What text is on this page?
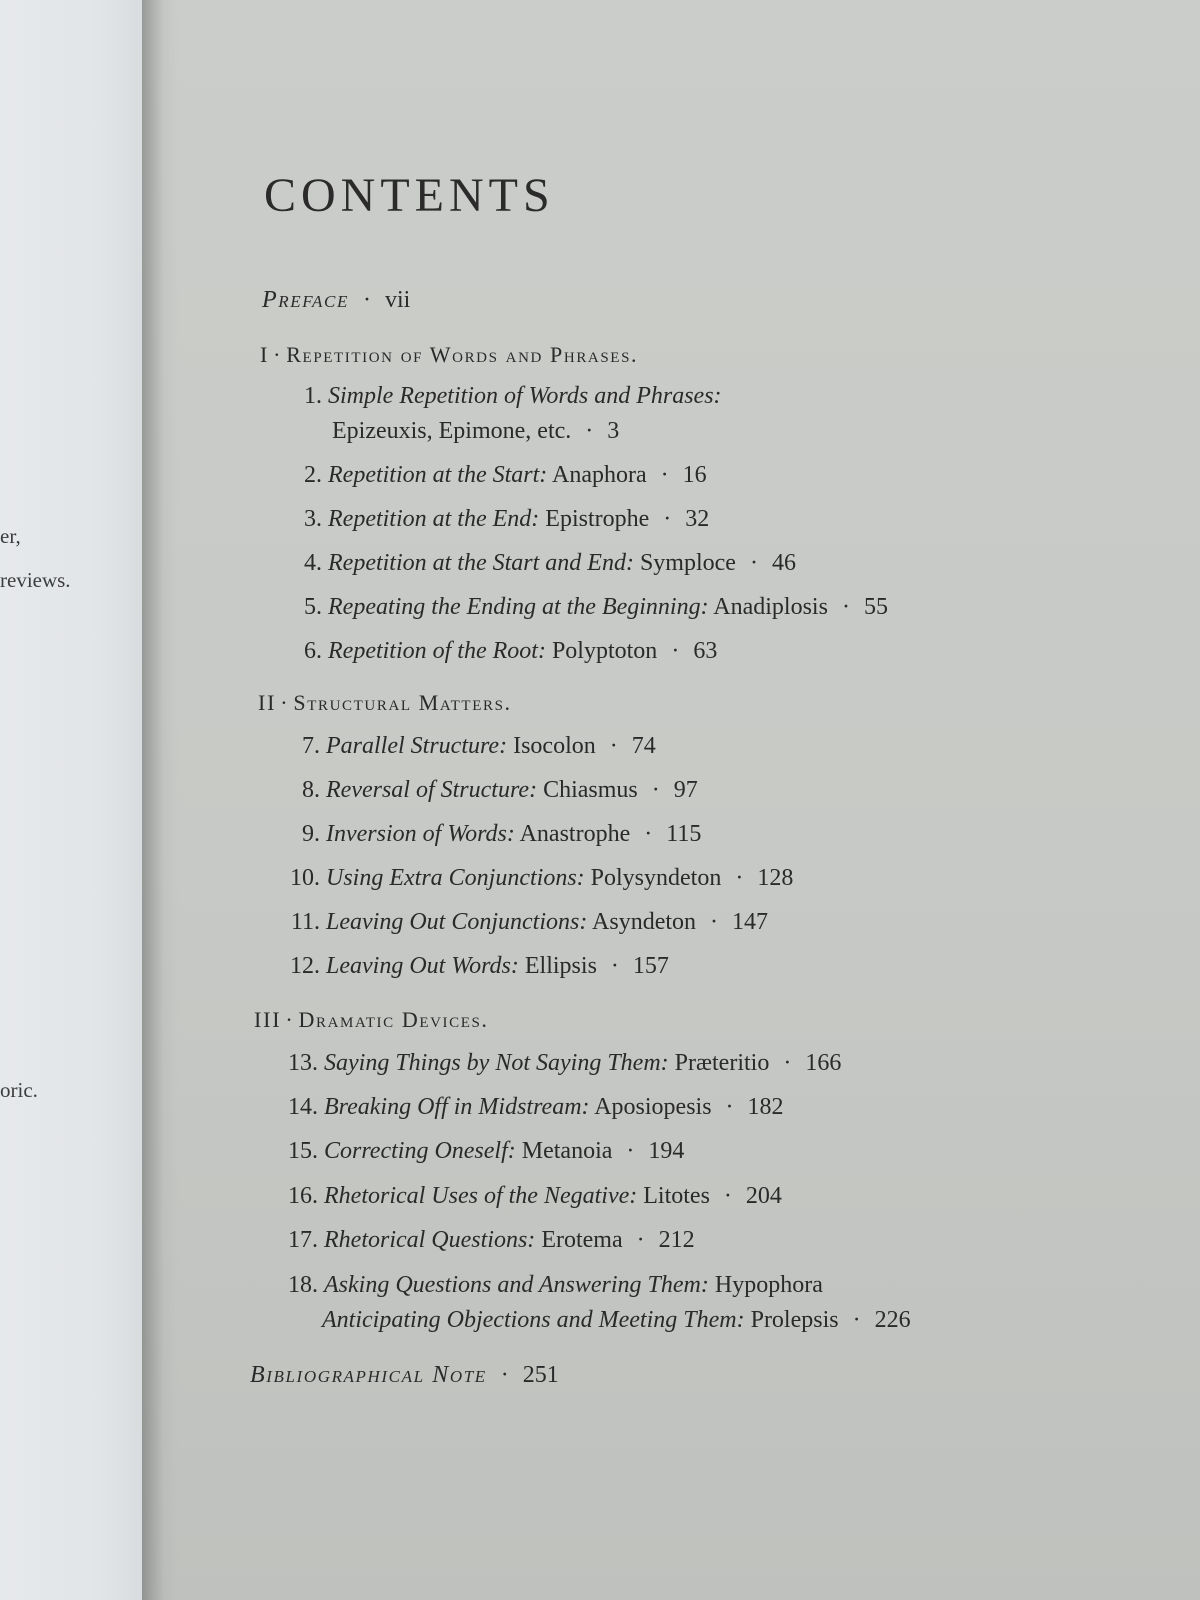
er,
reviews.
oric.
CONTENTS
Preface · vii
I · Repetition of Words and Phrases.
1. Simple Repetition of Words and Phrases:
Epizeuxis, Epimone, etc. · 3
2. Repetition at the Start: Anaphora · 16
3. Repetition at the End: Epistrophe · 32
4. Repetition at the Start and End: Symploce · 46
5. Repeating the Ending at the Beginning: Anadiplosis · 55
6. Repetition of the Root: Polyptoton · 63
II · Structural Matters.
7. Parallel Structure: Isocolon · 74
8. Reversal of Structure: Chiasmus · 97
9. Inversion of Words: Anastrophe · 115
10. Using Extra Conjunctions: Polysyndeton · 128
11. Leaving Out Conjunctions: Asyndeton · 147
12. Leaving Out Words: Ellipsis · 157
III · Dramatic Devices.
13. Saying Things by Not Saying Them: Præteritio · 166
14. Breaking Off in Midstream: Aposiopesis · 182
15. Correcting Oneself: Metanoia · 194
16. Rhetorical Uses of the Negative: Litotes · 204
17. Rhetorical Questions: Erotema · 212
18. Asking Questions and Answering Them: Hypophora
Anticipating Objections and Meeting Them: Prolepsis · 226
Bibliographical Note · 251
